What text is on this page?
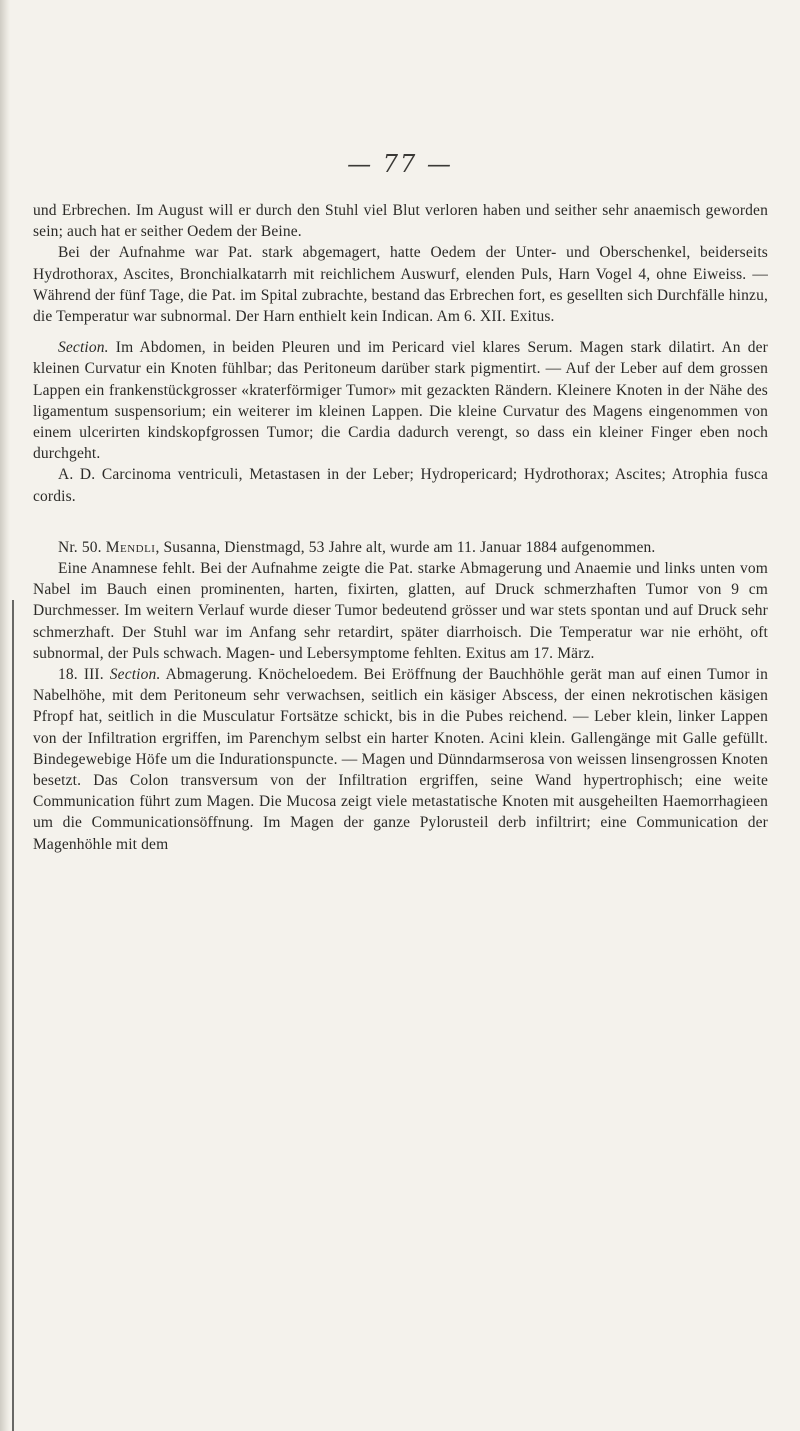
— 77 —

und Erbrechen. Im August will er durch den Stuhl viel Blut verloren haben und seither sehr anaemisch geworden sein; auch hat er seither Oedem der Beine.

Bei der Aufnahme war Pat. stark abgemagert, hatte Oedem der Unter- und Oberschenkel, beiderseits Hydrothorax, Ascites, Bronchialkatarrh mit reichlichem Auswurf, elenden Puls, Harn Vogel 4, ohne Eiweiss. — Während der fünf Tage, die Pat. im Spital zubrachte, bestand das Erbrechen fort, es gesellten sich Durchfälle hinzu, die Temperatur war subnormal. Der Harn enthielt kein Indican. Am 6. XII. Exitus.

Section. Im Abdomen, in beiden Pleuren und im Pericard viel klares Serum. Magen stark dilatirt. An der kleinen Curvatur ein Knoten fühlbar; das Peritoneum darüber stark pigmentirt. — Auf der Leber auf dem grossen Lappen ein frankenstückgrosser «kraterförmiger Tumor» mit gezackten Rändern. Kleinere Knoten in der Nähe des ligamentum suspensorium; ein weiterer im kleinen Lappen. Die kleine Curvatur des Magens eingenommen von einem ulcerirten kindskopfgrossen Tumor; die Cardia dadurch verengt, so dass ein kleiner Finger eben noch durchgeht.

A. D. Carcinoma ventriculi, Metastasen in der Leber; Hydropericard; Hydrothorax; Ascites; Atrophia fusca cordis.

Nr. 50. Mendli, Susanna, Dienstmagd, 53 Jahre alt, wurde am 11. Januar 1884 aufgenommen.

Eine Anamnese fehlt. Bei der Aufnahme zeigte die Pat. starke Abmagerung und Anaemie und links unten vom Nabel im Bauch einen prominenten, harten, fixirten, glatten, auf Druck schmerzhaften Tumor von 9 cm Durchmesser. Im weitern Verlauf wurde dieser Tumor bedeutend grösser und war stets spontan und auf Druck sehr schmerzhaft. Der Stuhl war im Anfang sehr retardirt, später diarrhoisch. Die Temperatur war nie erhöht, oft subnormal, der Puls schwach. Magen- und Lebersymptome fehlten. Exitus am 17. März.

18. III. Section. Abmagerung. Knöcheloedem. Bei Eröffnung der Bauchhöhle gerät man auf einen Tumor in Nabelhöhe, mit dem Peritoneum sehr verwachsen, seitlich ein käsiger Abscess, der einen nekrotischen käsigen Pfropf hat, seitlich in die Musculatur Fortsätze schickt, bis in die Pubes reichend. — Leber klein, linker Lappen von der Infiltration ergriffen, im Parenchym selbst ein harter Knoten. Acini klein. Gallengänge mit Galle gefüllt. Bindegewebige Höfe um die Indurationspuncte. — Magen und Dünndarmserosa von weissen linsengrossen Knoten besetzt. Das Colon transversum von der Infiltration ergriffen, seine Wand hypertrophisch; eine weite Communication führt zum Magen. Die Mucosa zeigt viele metastatische Knoten mit ausgeheilten Haemorrhagieen um die Communicationsöffnung. Im Magen der ganze Pylorusteil derb infiltrirt; eine Communication der Magenhöhle mit dem
